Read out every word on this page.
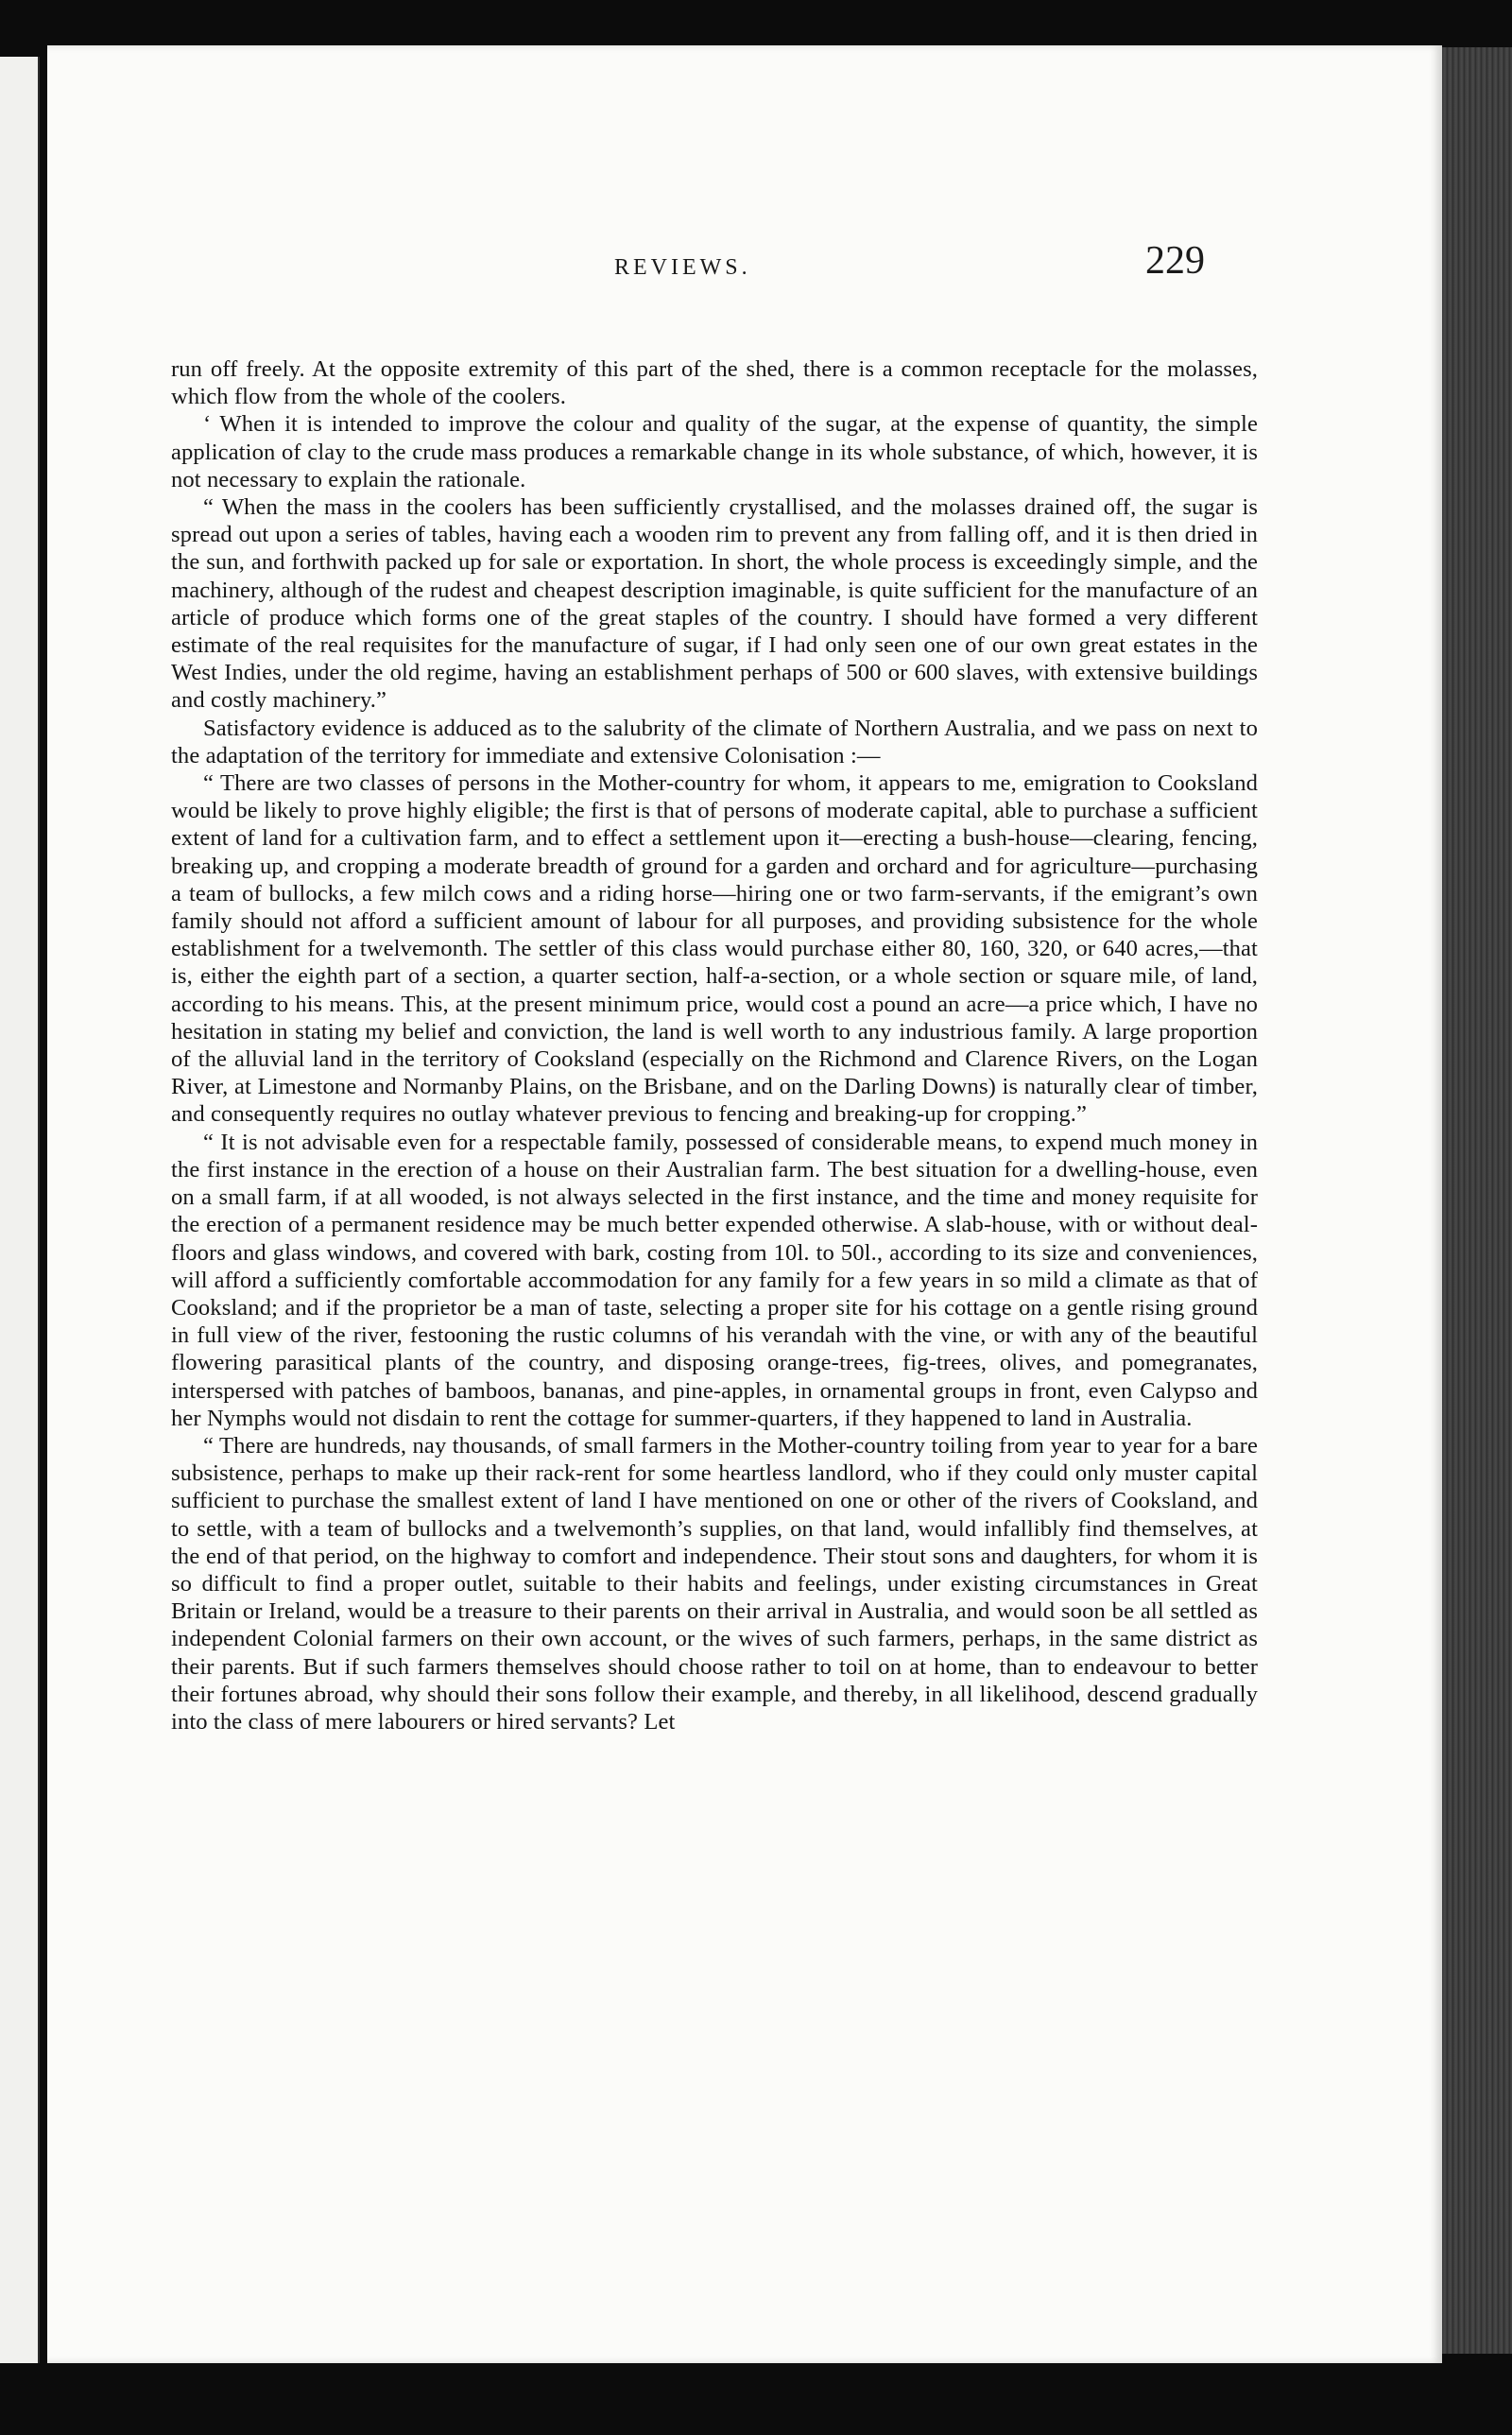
REVIEWS.	229

run off freely. At the opposite extremity of this part of the shed, there is a common receptacle for the molasses, which flow from the whole of the coolers.

‘ When it is intended to improve the colour and quality of the sugar, at the expense of quantity, the simple application of clay to the crude mass produces a remarkable change in its whole substance, of which, however, it is not necessary to explain the rationale.

“ When the mass in the coolers has been sufficiently crystallised, and the molasses drained off, the sugar is spread out upon a series of tables, having each a wooden rim to prevent any from falling off, and it is then dried in the sun, and forthwith packed up for sale or exportation. In short, the whole process is exceedingly simple, and the machinery, although of the rudest and cheapest description imaginable, is quite sufficient for the manufacture of an article of produce which forms one of the great staples of the country. I should have formed a very different estimate of the real requisites for the manufacture of sugar, if I had only seen one of our own great estates in the West Indies, under the old regime, having an establishment perhaps of 500 or 600 slaves, with extensive buildings and costly machinery.”

Satisfactory evidence is adduced as to the salubrity of the climate of Northern Australia, and we pass on next to the adaptation of the territory for immediate and extensive Colonisation :—

“ There are two classes of persons in the Mother-country for whom, it appears to me, emigration to Cooksland would be likely to prove highly eligible; the first is that of persons of moderate capital, able to purchase a sufficient extent of land for a cultivation farm, and to effect a settlement upon it—erecting a bush-house—clearing, fencing, breaking up, and cropping a moderate breadth of ground for a garden and orchard and for agriculture—purchasing a team of bullocks, a few milch cows and a riding horse—hiring one or two farm-servants, if the emigrant’s own family should not afford a sufficient amount of labour for all purposes, and providing subsistence for the whole establishment for a twelvemonth. The settler of this class would purchase either 80, 160, 320, or 640 acres,—that is, either the eighth part of a section, a quarter section, half-a-section, or a whole section or square mile, of land, according to his means. This, at the present minimum price, would cost a pound an acre—a price which, I have no hesitation in stating my belief and conviction, the land is well worth to any industrious family. A large proportion of the alluvial land in the territory of Cooksland (especially on the Richmond and Clarence Rivers, on the Logan River, at Limestone and Normanby Plains, on the Brisbane, and on the Darling Downs) is naturally clear of timber, and consequently requires no outlay whatever previous to fencing and breaking-up for cropping.”

“ It is not advisable even for a respectable family, possessed of considerable means, to expend much money in the first instance in the erection of a house on their Australian farm. The best situation for a dwelling-house, even on a small farm, if at all wooded, is not always selected in the first instance, and the time and money requisite for the erection of a permanent residence may be much better expended otherwise. A slab-house, with or without deal-floors and glass windows, and covered with bark, costing from 10l. to 50l., according to its size and conveniences, will afford a sufficiently comfortable accommodation for any family for a few years in so mild a climate as that of Cooksland; and if the proprietor be a man of taste, selecting a proper site for his cottage on a gentle rising ground in full view of the river, festooning the rustic columns of his verandah with the vine, or with any of the beautiful flowering parasitical plants of the country, and disposing orange-trees, fig-trees, olives, and pomegranates, interspersed with patches of bamboos, bananas, and pine-apples, in ornamental groups in front, even Calypso and her Nymphs would not disdain to rent the cottage for summer-quarters, if they happened to land in Australia.

“ There are hundreds, nay thousands, of small farmers in the Mother-country toiling from year to year for a bare subsistence, perhaps to make up their rack-rent for some heartless landlord, who if they could only muster capital sufficient to purchase the smallest extent of land I have mentioned on one or other of the rivers of Cooksland, and to settle, with a team of bullocks and a twelvemonth’s supplies, on that land, would infallibly find themselves, at the end of that period, on the highway to comfort and independence. Their stout sons and daughters, for whom it is so difficult to find a proper outlet, suitable to their habits and feelings, under existing circumstances in Great Britain or Ireland, would be a treasure to their parents on their arrival in Australia, and would soon be all settled as independent Colonial farmers on their own account, or the wives of such farmers, perhaps, in the same district as their parents. But if such farmers themselves should choose rather to toil on at home, than to endeavour to better their fortunes abroad, why should their sons follow their example, and thereby, in all likelihood, descend gradually into the class of mere labourers or hired servants? Let
